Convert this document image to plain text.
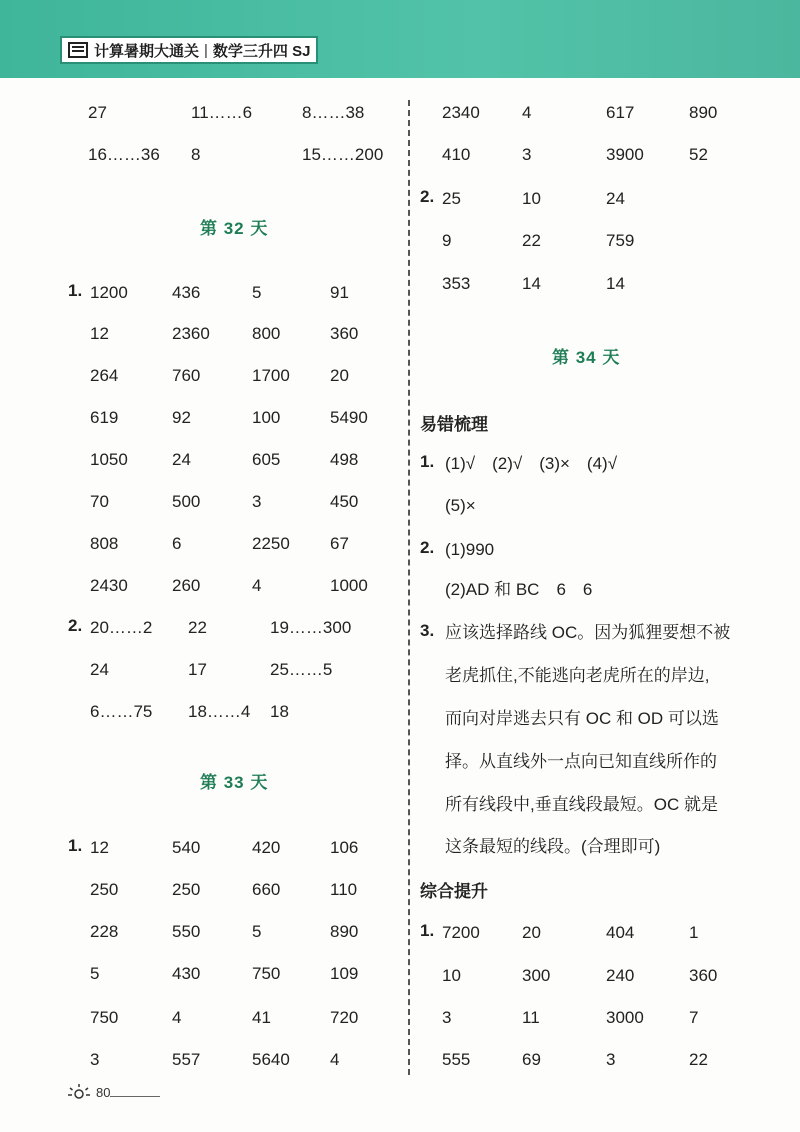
计算暑期大通关 | 数学三升四 SJ
27	11……6	8……38
16……36 8	15……200
第 32 天
1. 1200	436	5	91
12	2360 800	360
264	760	1700 20
619	92	100	5490
1050	24	605	498
70	500	3	450
808	6	2250 67
2430	260	4	1000
2. 20……2 22	19……300
24	17	25……5
6……75 18……4 18
第 33 天
1. 12	540	420	106
250	250	660	110
228	550	5	890
5	430	750	109
750	4	41	720
3	557	5640 4
2340 4	617	890
410	3	3900	52
2. 25	10	24
9	22	759
353	14	14
第 34 天
易错梳理
1. (1)√　(2)√　(3)×　(4)√
(5)×
2. (1)990
(2)AD 和 BC　6　6
3. 应该选择路线 OC。因为狐狸要想不被
老虎抓住,不能逃向老虎所在的岸边,
而向对岸逃去只有 OC 和 OD 可以选
择。从直线外一点向已知直线所作的
所有线段中,垂直线段最短。OC 就是
这条最短的线段。(合理即可)
综合提升
1. 7200 20	404	1
10	300	240	360
3	11	3000	7
555	69	3	22
80
